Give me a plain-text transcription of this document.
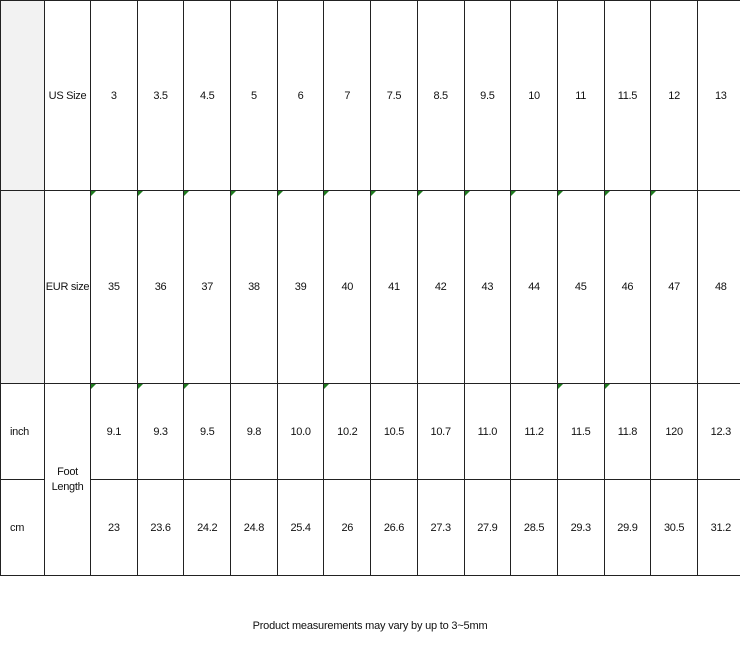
	US Size	3	3.5	4.5	5	6	7	7.5	8.5	9.5	10	11	11.5	12	13
	EUR size	35	36	37	38	39	40	41	42	43	44	45	46	47	48
inch	Foot Length	9.1	9.3	9.5	9.8	10.0	10.2	10.5	10.7	11.0	11.2	11.5	11.8	120	12.3
cm		23	23.6	24.2	24.8	25.4	26	26.6	27.3	27.9	28.5	29.3	29.9	30.5	31.2
Product measurements may vary by up to 3~5mm
